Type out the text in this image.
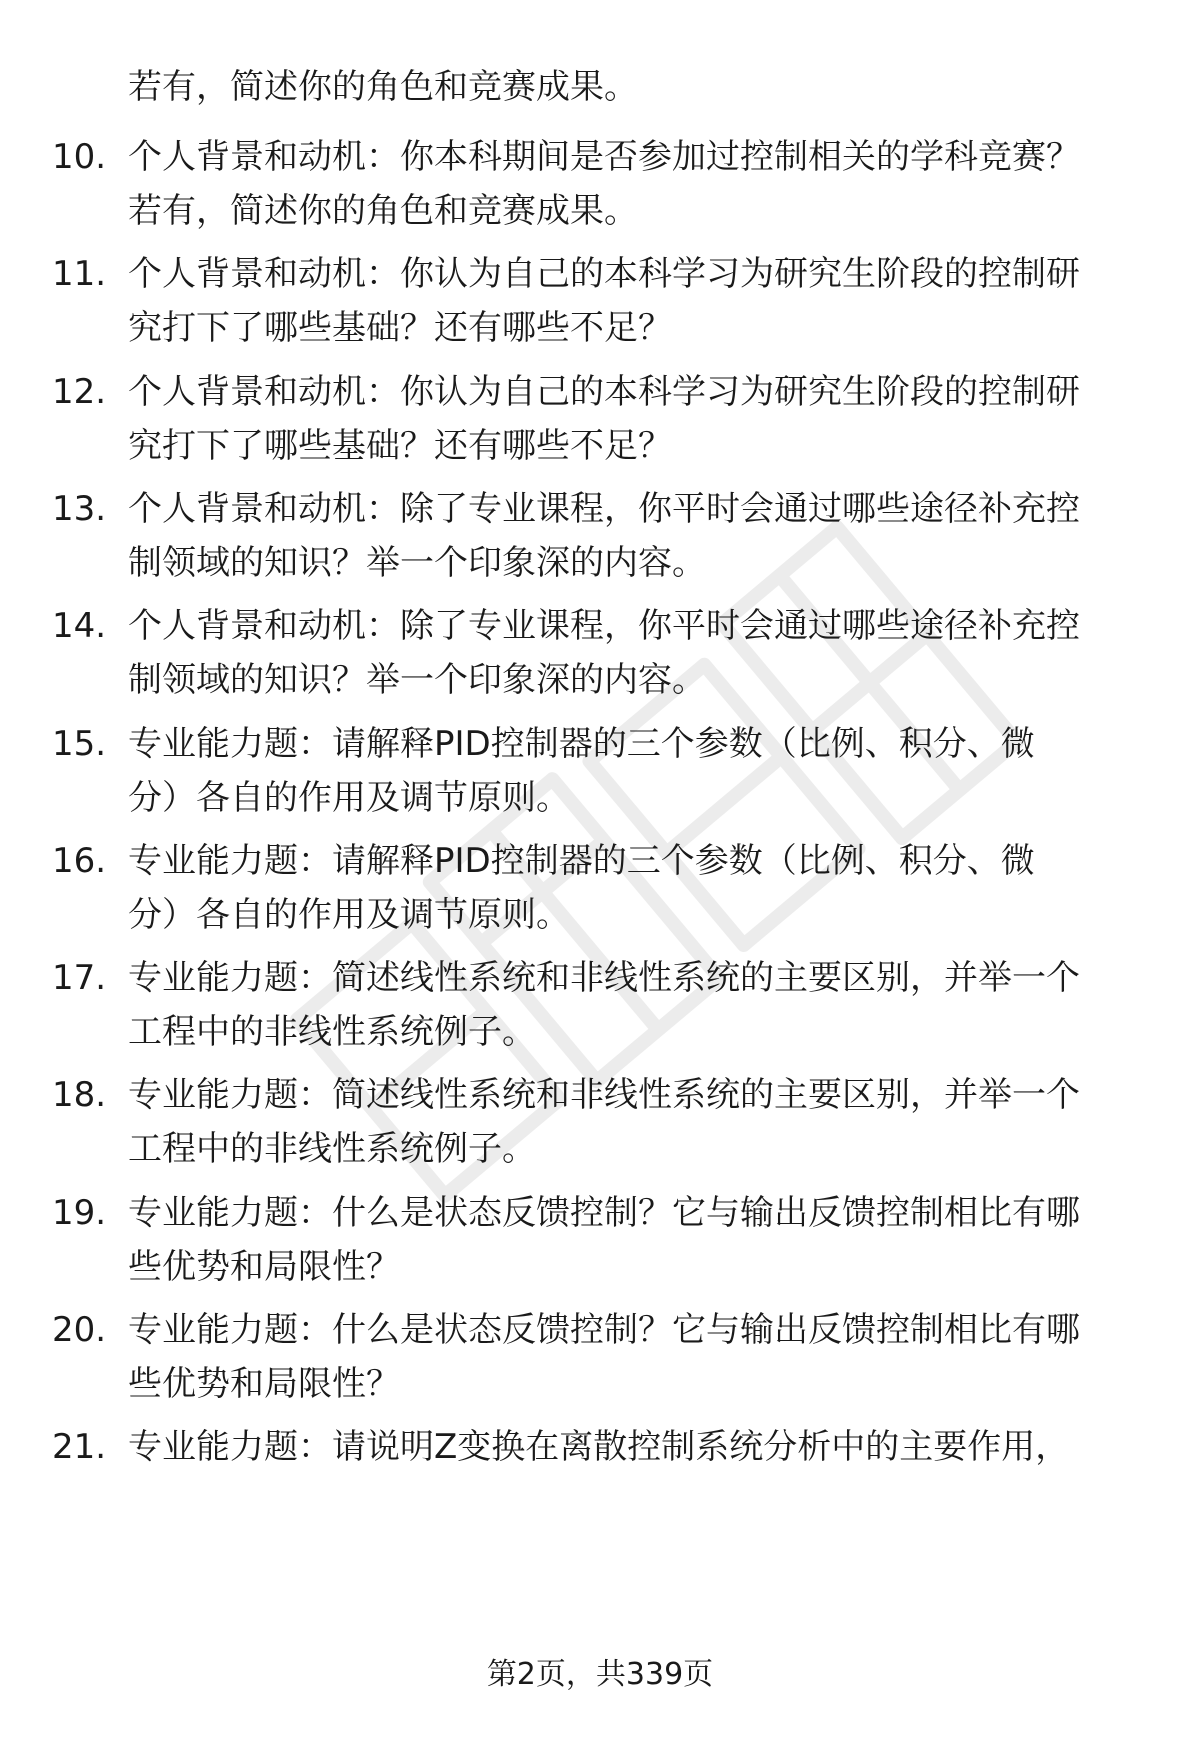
若有，简述你的角色和竞赛成果。

10. 个人背景和动机：你本科期间是否参加过控制相关的学科竞赛？
若有，简述你的角色和竞赛成果。
11. 个人背景和动机：你认为自己的本科学习为研究生阶段的控制研
究打下了哪些基础？还有哪些不足？
12. 个人背景和动机：你认为自己的本科学习为研究生阶段的控制研
究打下了哪些基础？还有哪些不足？
13. 个人背景和动机：除了专业课程，你平时会通过哪些途径补充控
制领域的知识？举一个印象深的内容。
14. 个人背景和动机：除了专业课程，你平时会通过哪些途径补充控
制领域的知识？举一个印象深的内容。
15. 专业能力题：请解释PID控制器的三个参数（比例、积分、微
分）各自的作用及调节原则。
16. 专业能力题：请解释PID控制器的三个参数（比例、积分、微
分）各自的作用及调节原则。
17. 专业能力题：简述线性系统和非线性系统的主要区别，并举一个
工程中的非线性系统例子。
18. 专业能力题：简述线性系统和非线性系统的主要区别，并举一个
工程中的非线性系统例子。
19. 专业能力题：什么是状态反馈控制？它与输出反馈控制相比有哪
些优势和局限性？
20. 专业能力题：什么是状态反馈控制？它与输出反馈控制相比有哪
些优势和局限性？
21. 专业能力题：请说明Z变换在离散控制系统分析中的主要作用，
第2页，共339页
